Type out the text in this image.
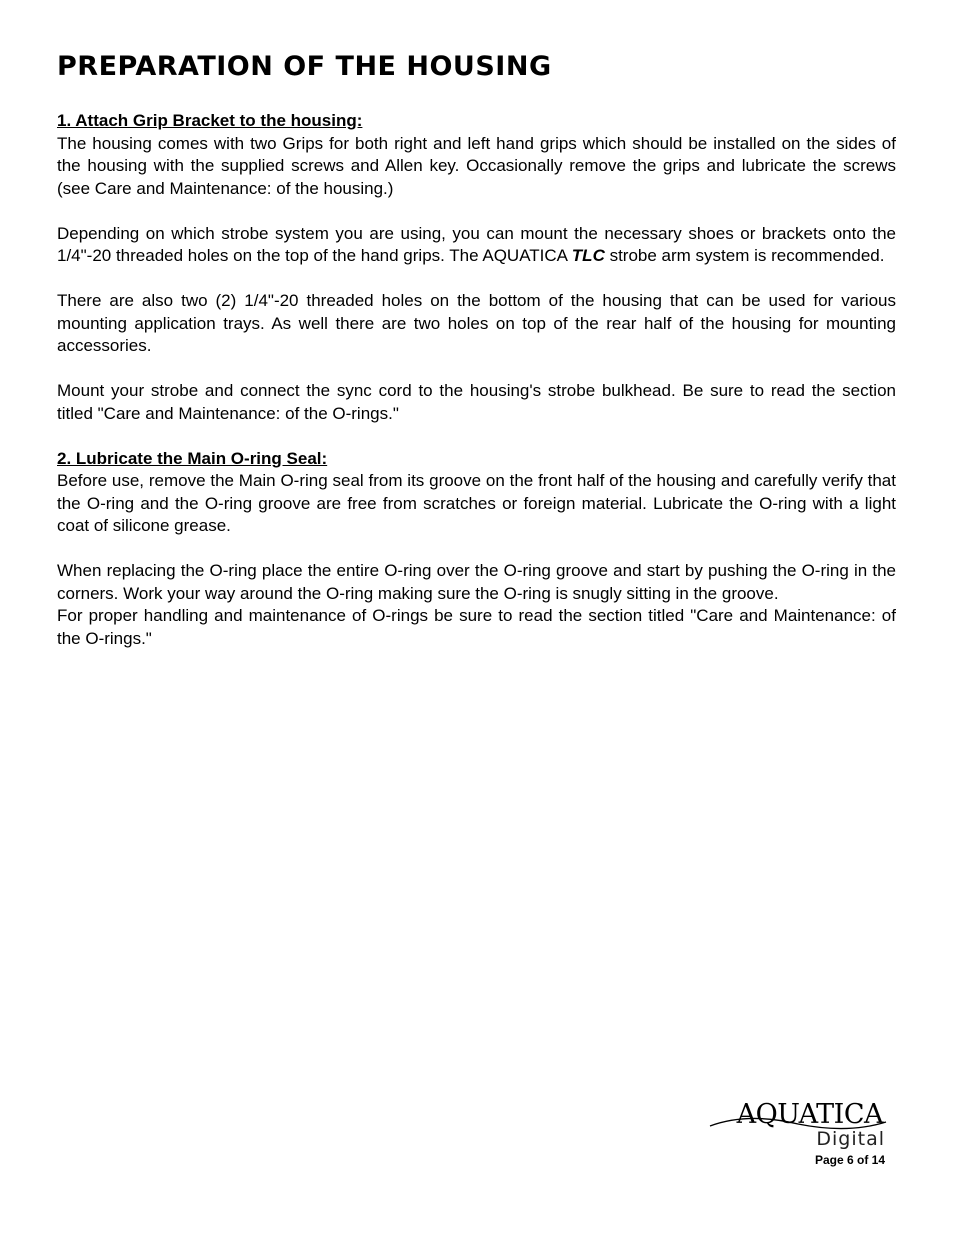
PREPARATION OF THE HOUSING

1. Attach Grip Bracket to the housing:

The housing comes with two Grips for both right and left hand grips which should be installed on the sides of the housing with the supplied screws and Allen key. Occasionally remove the grips and lubricate the screws (see Care and Maintenance: of the housing.)

Depending on which strobe system you are using, you can mount the necessary shoes or brackets onto the 1/4"-20 threaded holes on the top of the hand grips. The AQUATICA TLC strobe arm system is recommended.

There are also two (2) 1/4"-20 threaded holes on the bottom of the housing that can be used for various mounting application trays. As well there are two holes on top of the rear half of the housing for mounting accessories.

Mount your strobe and connect the sync cord to the housing's strobe bulkhead. Be sure to read the section titled "Care and Maintenance: of the O-rings."

2. Lubricate the Main O-ring Seal:

Before use, remove the Main O-ring seal from its groove on the front half of the housing and carefully verify that the O-ring and the O-ring groove are free from scratches or foreign material. Lubricate the O-ring with a light coat of silicone grease.

When replacing the O-ring place the entire O-ring over the O-ring groove and start by pushing the O-ring in the corners. Work your way around the O-ring making sure the O-ring is snugly sitting in the groove.

For proper handling and maintenance of O-rings be sure to read the section titled "Care and Maintenance: of the O-rings."

AQUATICA
Digital
Page 6 of 14
